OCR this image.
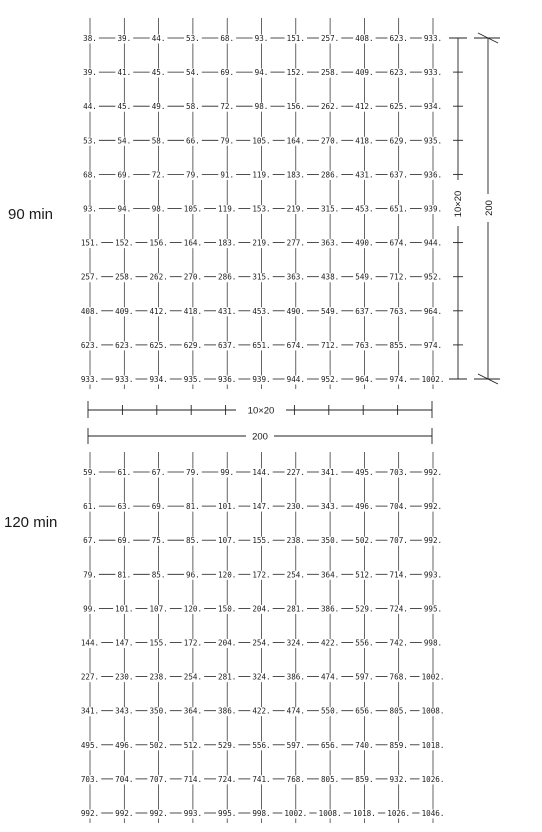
38.	39.	44.	53.	68.	93. 151. 257. 408. 623. 933.
39.	41.	45.	54.	69.	94. 152. 258. 409. 623. 933.
44.	45.	49.	58.	72.	98. 156. 262. 412. 625. 934.
53.	54.	58.	66.	79. 105. 164. 270. 418. 629. 935.
68.	69.	72.	79.	91. 119. 183. 286. 431. 637. 936.
93.	94.	98. 105. 119. 153. 219. 315. 453. 651. 939.
151. 152. 156. 164. 183. 219. 277. 363. 490. 674. 944.
257. 258. 262. 270. 286. 315. 363. 438. 549. 712. 952.
408. 409. 412. 418. 431. 453. 490. 549. 637. 763. 964.
623. 623. 625. 629. 637. 651. 674. 712. 763. 855. 974.
933. 933. 934. 935. 936. 939. 944. 952. 964. 974. 1002.
59.	61.	67.	79.	99. 144. 227. 341. 495. 703. 992.
61.	63.	69.	81. 101. 147. 230. 343. 496. 704. 992.
67.	69.	75.	85. 107. 155. 238. 350. 502. 707. 992.
79.	81.	85.	96. 120. 172. 254. 364. 512. 714. 993.
99. 101. 107. 120. 150. 204. 281. 386. 529. 724. 995.
144. 147. 155. 172. 204. 254. 324. 422. 556. 742. 998.
227. 230. 238. 254. 281. 324. 386. 474. 597. 768. 1002.
341. 343. 350. 364. 386. 422. 474. 550. 656. 805. 1008.
495. 496. 502. 512. 529. 556. 597. 656. 740. 859. 1018.
703. 704. 707. 714. 724. 741. 768. 805. 859. 932. 1026.
992. 992. 992. 993. 995. 998. 1002. 1008. 1018. 1026. 1046.
120 min
90 min	10×20 200
10×20
200
